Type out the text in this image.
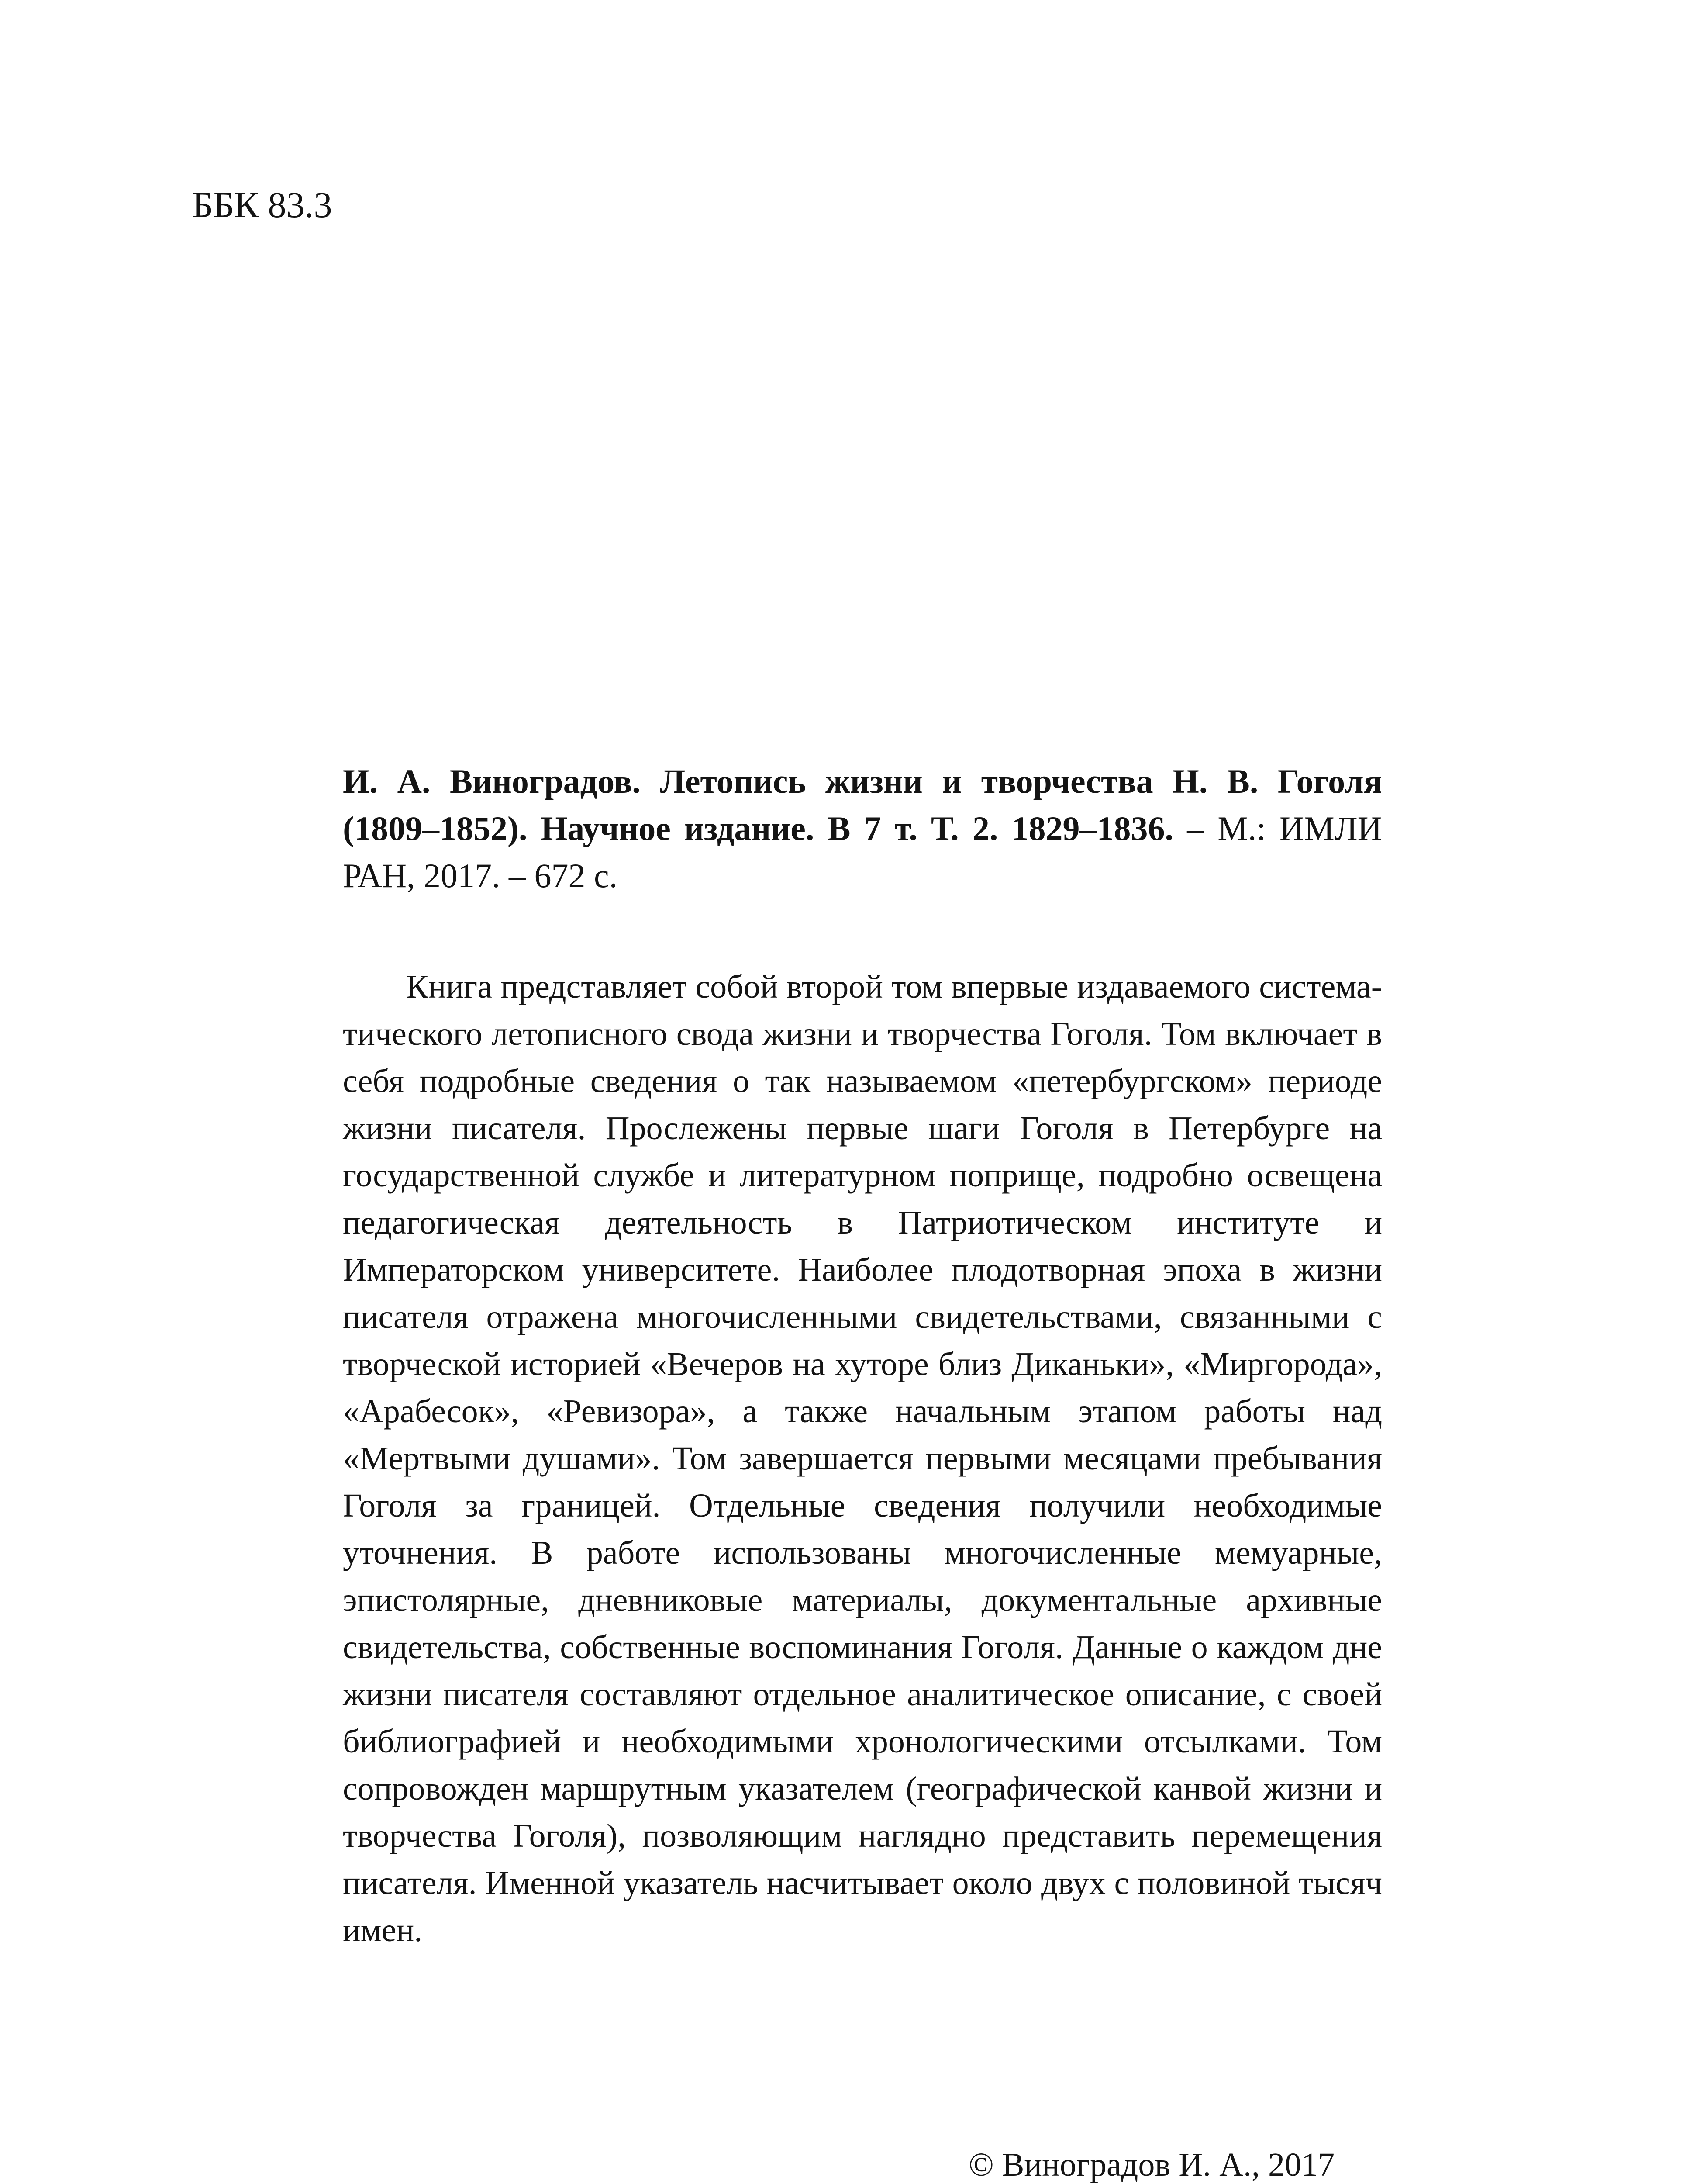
ББК 83.3
И. А. Виноградов. Летопись жизни и творчества Н. В. Гоголя (1809–1852). Научное издание. В 7 т. Т. 2. 1829–1836. – М.: ИМЛИ РАН, 2017. – 672 с.

Книга представляет собой второй том впервые издаваемого систематического летописного свода жизни и творчества Гоголя. Том включает в себя подробные сведения о так называемом «петербургском» периоде жизни писателя. Прослежены первые шаги Гоголя в Петербурге на государственной службе и литературном поприще, подробно освещена педагогическая деятельность в Патриотическом институте и Императорском университете. Наиболее плодотворная эпоха в жизни писателя отражена многочисленными свидетельствами, связанными с творческой историей «Вечеров на хуторе близ Диканьки», «Миргорода», «Арабесок», «Ревизора», а также начальным этапом работы над «Мертвыми душами». Том завершается первыми месяцами пребывания Гоголя за границей. Отдельные сведения получили необходимые уточнения. В работе использованы многочисленные мемуарные, эпистолярные, дневниковые материалы, документальные архивные свидетельства, собственные воспоминания Гоголя. Данные о каждом дне жизни писателя составляют отдельное аналитическое описание, с своей библиографией и необходимыми хронологическими отсылками. Том сопровожден маршрутным указателем (географической канвой жизни и творчества Гоголя), позволяющим наглядно представить перемещения писателя. Именной указатель насчитывает около двух с половиной тысяч имен.

© Виноградов И. А., 2017
